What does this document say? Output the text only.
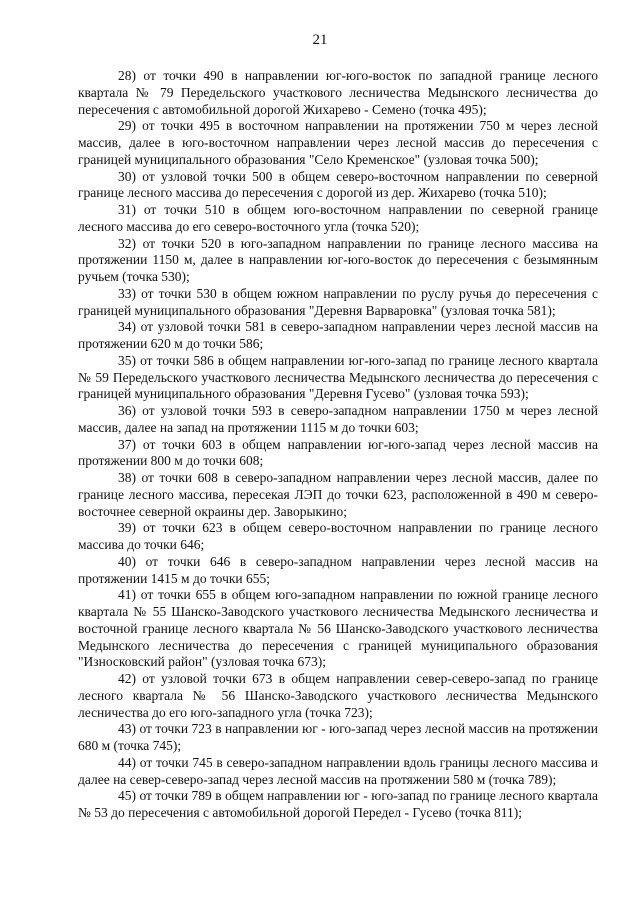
21

28) от точки 490 в направлении юг-юго-восток по западной границе лесного квартала № 79 Передельского участкового лесничества Медынского лесничества до пересечения с автомобильной дорогой Жихарево - Семено (точка 495);

29) от точки 495 в восточном направлении на протяжении 750 м через лесной массив, далее в юго-восточном направлении через лесной массив до пересечения с границей муниципального образования "Село Кременское" (узловая точка 500);

30) от узловой точки 500 в общем северо-восточном направлении по северной границе лесного массива до пересечения с дорогой из дер. Жихарево (точка 510);

31) от точки 510 в общем юго-восточном направлении по северной границе лесного массива до его северо-восточного угла (точка 520);

32) от точки 520 в юго-западном направлении по границе лесного массива на протяжении 1150 м, далее в направлении юг-юго-восток до пересечения с безымянным ручьем (точка 530);

33) от точки 530 в общем южном направлении по руслу ручья до пересечения с границей муниципального образования "Деревня Варваровка" (узловая точка 581);

34) от узловой точки 581 в северо-западном направлении через лесной массив на протяжении 620 м до точки 586;

35) от точки 586 в общем направлении юг-юго-запад по границе лесного квартала № 59 Передельского участкового лесничества Медынского лесничества до пересечения с границей муниципального образования "Деревня Гусево" (узловая точка 593);

36) от узловой точки 593 в северо-западном направлении 1750 м через лесной массив, далее на запад на протяжении 1115 м до точки 603;

37) от точки 603 в общем направлении юг-юго-запад через лесной массив на протяжении 800 м до точки 608;

38) от точки 608 в северо-западном направлении через лесной массив, далее по границе лесного массива, пересекая ЛЭП до точки 623, расположенной в 490 м северо-восточнее северной окраины дер. Заворыкино;

39) от точки 623 в общем северо-восточном направлении по границе лесного массива до точки 646;

40) от точки 646 в северо-западном направлении через лесной массив на протяжении 1415 м до точки 655;

41) от точки 655 в общем юго-западном направлении по южной границе лесного квартала № 55 Шанско-Заводского участкового лесничества Медынского лесничества и восточной границе лесного квартала № 56 Шанско-Заводского участкового лесничества Медынского лесничества до пересечения с границей муниципального образования "Износковский район" (узловая точка 673);

42) от узловой точки 673 в общем направлении север-северо-запад по границе лесного квартала № 56 Шанско-Заводского участкового лесничества Медынского лесничества до его юго-западного угла (точка 723);

43) от точки 723 в направлении юг - юго-запад через лесной массив на протяжении 680 м (точка 745);

44) от точки 745 в северо-западном направлении вдоль границы лесного массива и далее на север-северо-запад через лесной массив на протяжении 580 м (точка 789);

45) от точки 789 в общем направлении юг - юго-запад по границе лесного квартала № 53 до пересечения с автомобильной дорогой Передел - Гусево (точка 811);
